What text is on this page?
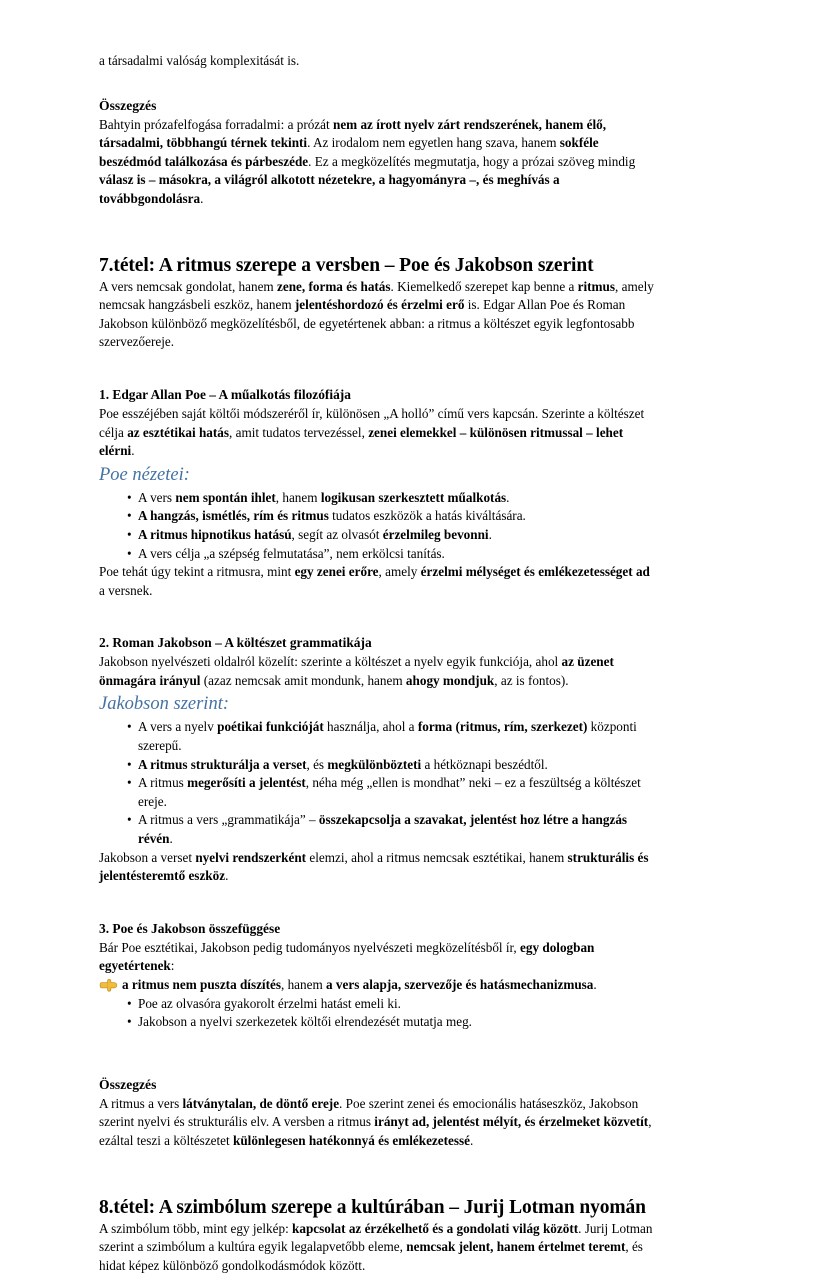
a társadalmi valóság komplexitását is.

Összegzés

Bahtyin prózafelfogása forradalmi: a prózát nem az írott nyelv zárt rendszerének, hanem élő, társadalmi, többhangú térnek tekinti. Az irodalom nem egyetlen hang szava, hanem sokféle beszédmód találkozása és párbeszéde. Ez a megközelítés megmutatja, hogy a prózai szöveg mindig válasz is – másokra, a világról alkotott nézetekre, a hagyományra –, és meghívás a továbbgondolásra.

7.tétel: A ritmus szerepe a versben – Poe és Jakobson szerint

A vers nemcsak gondolat, hanem zene, forma és hatás. Kiemelkedő szerepet kap benne a ritmus, amely nemcsak hangzásbeli eszköz, hanem jelentéshordozó és érzelmi erő is. Edgar Allan Poe és Roman Jakobson különböző megközelítésből, de egyetértenek abban: a ritmus a költészet egyik legfontosabb szervezőereje.

1. Edgar Allan Poe – A műalkotás filozófiája

Poe esszéjében saját költői módszeréről ír, különösen „A holló” című vers kapcsán. Szerinte a költészet célja az esztétikai hatás, amit tudatos tervezéssel, zenei elemekkel – különösen ritmussal – lehet elérni.

Poe nézetei:
• A vers nem spontán ihlet, hanem logikusan szerkesztett műalkotás.
• A hangzás, ismétlés, rím és ritmus tudatos eszközök a hatás kiváltására.
• A ritmus hipnotikus hatású, segít az olvasót érzelmileg bevonni.
• A vers célja „a szépség felmutatása”, nem erkölcsi tanítás.

Poe tehát úgy tekint a ritmusra, mint egy zenei erőre, amely érzelmi mélységet és emlékezetességet ad a versnek.

2. Roman Jakobson – A költészet grammatikája

Jakobson nyelvészeti oldalról közelít: szerinte a költészet a nyelv egyik funkciója, ahol az üzenet önmagára irányul (azaz nemcsak amit mondunk, hanem ahogy mondjuk, az is fontos).

Jakobson szerint:
• A vers a nyelv poétikai funkcióját használja, ahol a forma (ritmus, rím, szerkezet) központi szerepű.
• A ritmus strukturálja a verset, és megkülönbözteti a hétköznapi beszédtől.
• A ritmus megerősíti a jelentést, néha még „ellen is mondhat” neki – ez a feszültség a költészet ereje.
• A ritmus a vers „grammatikája” – összekapcsolja a szavakat, jelentést hoz létre a hangzás révén.

Jakobson a verset nyelvi rendszerként elemzi, ahol a ritmus nemcsak esztétikai, hanem strukturális és jelentésteremtő eszköz.

3. Poe és Jakobson összefüggése

Bár Poe esztétikai, Jakobson pedig tudományos nyelvészeti megközelítésből ír, egy dologban egyetértenek:

a ritmus nem puszta díszítés, hanem a vers alapja, szervezője és hatásmechanizmusa.
• Poe az olvasóra gyakorolt érzelmi hatást emeli ki.
• Jakobson a nyelvi szerkezetek költői elrendezését mutatja meg.
Összegzés

A ritmus a vers látványtalan, de döntő ereje. Poe szerint zenei és emocionális hatáseszköz, Jakobson szerint nyelvi és strukturális elv. A versben a ritmus irányt ad, jelentést mélyít, és érzelmeket közvetít, ezáltal teszi a költészetet különlegesen hatékonnyá és emlékezetessé.

8.tétel: A szimbólum szerepe a kultúrában – Jurij Lotman nyomán

A szimbólum több, mint egy jelkép: kapcsolat az érzékelhető és a gondolati világ között. Jurij Lotman szerint a szimbólum a kultúra egyik legalapvetőbb eleme, nemcsak jelent, hanem értelmet teremt, és hidat képez különböző gondolkodásmódok között.
